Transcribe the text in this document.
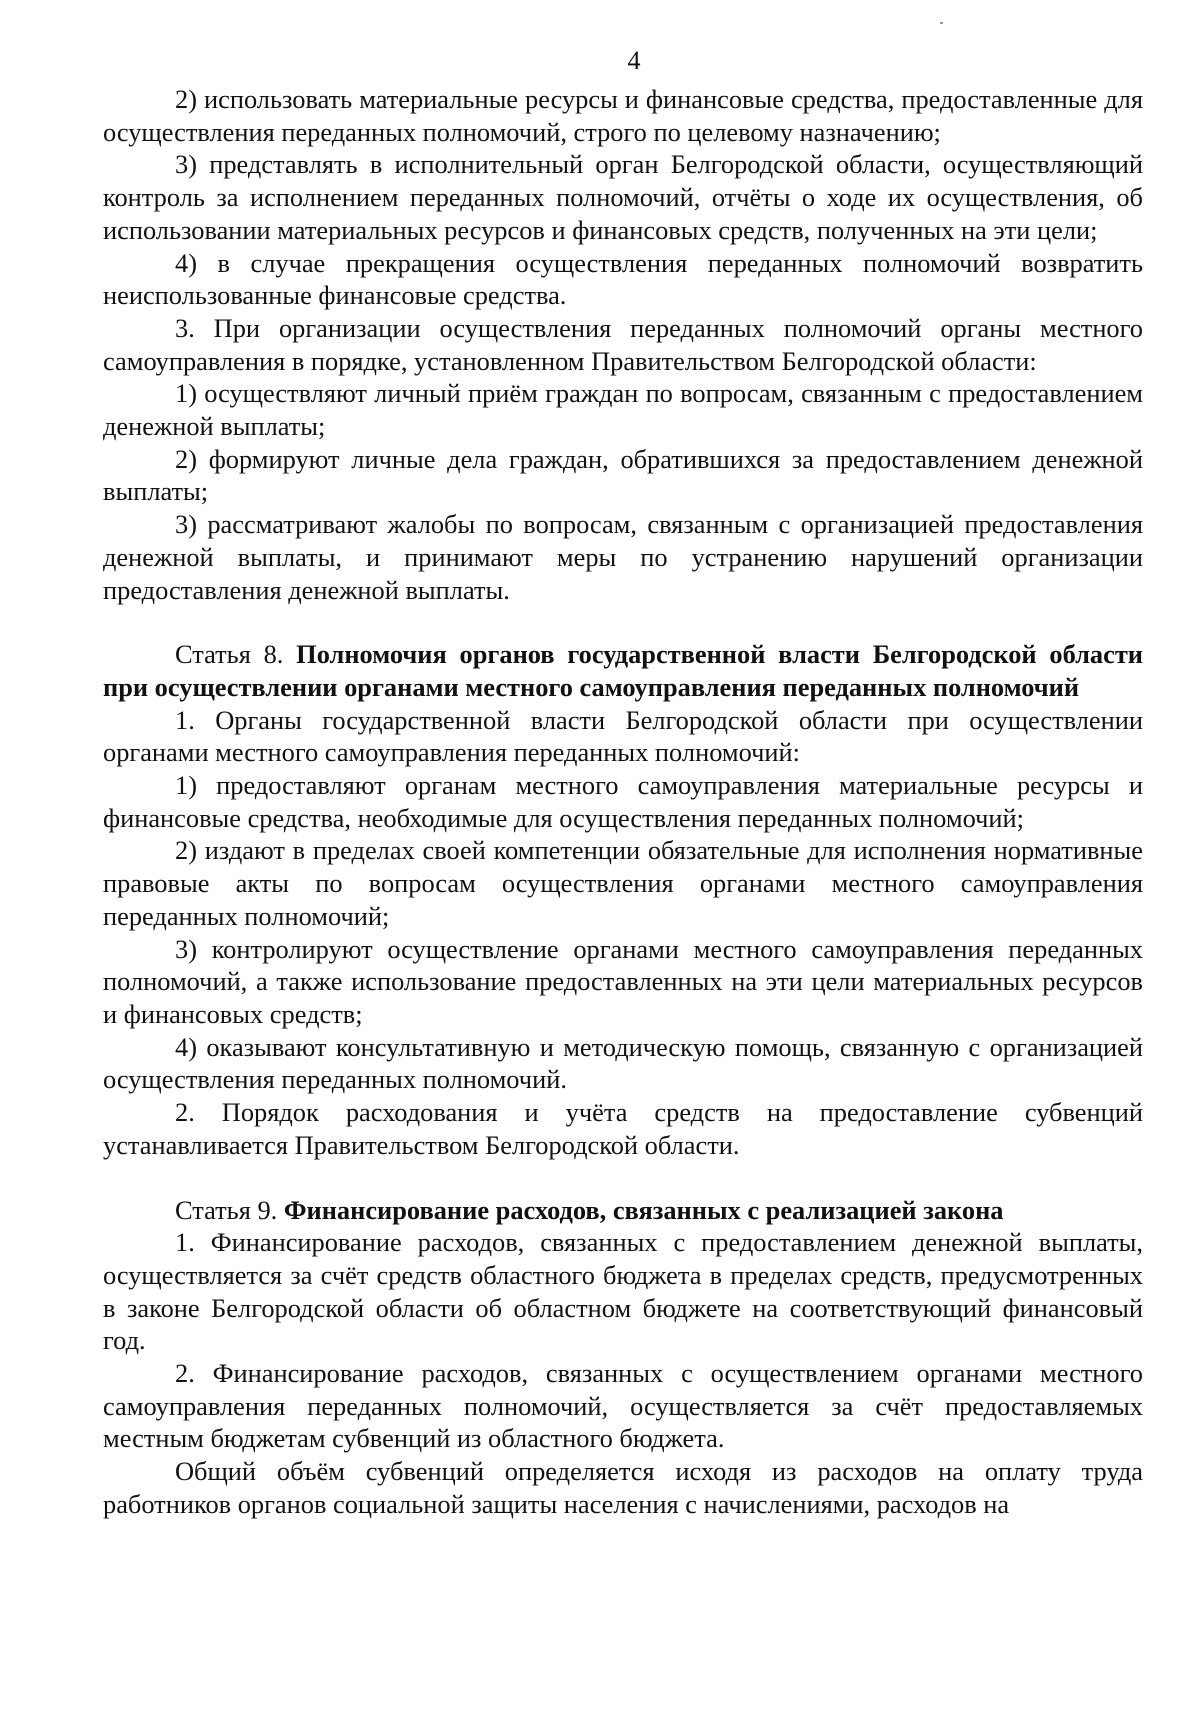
4

2) использовать материальные ресурсы и финансовые средства, предоставленные для осуществления переданных полномочий, строго по целевому назначению;

3) представлять в исполнительный орган Белгородской области, осуществляющий контроль за исполнением переданных полномочий, отчёты о ходе их осуществления, об использовании материальных ресурсов и финансовых средств, полученных на эти цели;

4) в случае прекращения осуществления переданных полномочий возвратить неиспользованные финансовые средства.

3. При организации осуществления переданных полномочий органы местного самоуправления в порядке, установленном Правительством Белгородской области:

1) осуществляют личный приём граждан по вопросам, связанным с предоставлением денежной выплаты;

2) формируют личные дела граждан, обратившихся за предоставлением денежной выплаты;

3) рассматривают жалобы по вопросам, связанным с организацией предоставления денежной выплаты, и принимают меры по устранению нарушений организации предоставления денежной выплаты.

Статья 8. Полномочия органов государственной власти Белгородской области при осуществлении органами местного самоуправления переданных полномочий

1. Органы государственной власти Белгородской области при осуществлении органами местного самоуправления переданных полномочий:

1) предоставляют органам местного самоуправления материальные ресурсы и финансовые средства, необходимые для осуществления переданных полномочий;

2) издают в пределах своей компетенции обязательные для исполнения нормативные правовые акты по вопросам осуществления органами местного самоуправления переданных полномочий;

3) контролируют осуществление органами местного самоуправления переданных полномочий, а также использование предоставленных на эти цели материальных ресурсов и финансовых средств;

4) оказывают консультативную и методическую помощь, связанную с организацией осуществления переданных полномочий.

2. Порядок расходования и учёта средств на предоставление субвенций устанавливается Правительством Белгородской области.

Статья 9. Финансирование расходов, связанных с реализацией закона

1. Финансирование расходов, связанных с предоставлением денежной выплаты, осуществляется за счёт средств областного бюджета в пределах средств, предусмотренных в законе Белгородской области об областном бюджете на соответствующий финансовый год.

2. Финансирование расходов, связанных с осуществлением органами местного самоуправления переданных полномочий, осуществляется за счёт предоставляемых местным бюджетам субвенций из областного бюджета.

Общий объём субвенций определяется исходя из расходов на оплату труда работников органов социальной защиты населения с начислениями, расходов на
